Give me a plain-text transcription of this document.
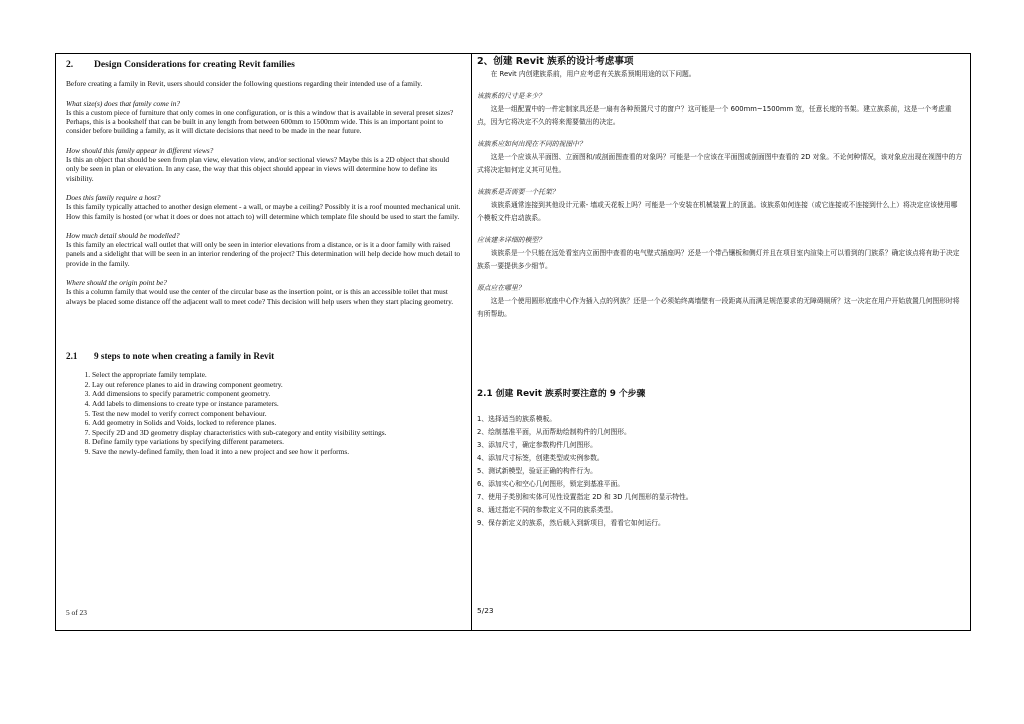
2.	Design Considerations for creating Revit families

Before creating a family in Revit, users should consider the following questions regarding their intended use of a family.

What size(s) does that family come in?

Is this a custom piece of furniture that only comes in one configuration, or is this a window that is available in several preset sizes? Perhaps, this is a bookshelf that can be built in any length from between 600mm to 1500mm wide. This is an important point to consider before building a family, as it will dictate decisions that need to be made in the near future.

How should this family appear in different views?

Is this an object that should be seen from plan view, elevation view, and/or sectional views? Maybe this is a 2D object that should only be seen in plan or elevation. In any case, the way that this object should appear in views will determine how to define its visibility.

Does this family require a host?

Is this family typically attached to another design element - a wall, or maybe a ceiling? Possibly it is a roof mounted mechanical unit. How this family is hosted (or what it does or does not attach to) will determine which template file should be used to start the family.

How much detail should be modelled?

Is this family an electrical wall outlet that will only be seen in interior elevations from a distance, or is it a door family with raised panels and a sidelight that will be seen in an interior rendering of the project? This determination will help decide how much detail to provide in the family.

Where should the origin point be?

Is this a column family that would use the center of the circular base as the insertion point, or is this an accessible toilet that must always be placed some distance off the adjacent wall to meet code? This decision will help users when they start placing geometry.

2.1	9 steps to note when creating a family in Revit
1. Select the appropriate family template.
2. Lay out reference planes to aid in drawing component geometry.
3. Add dimensions to specify parametric component geometry.
4. Add labels to dimensions to create type or instance parameters.
5. Test the new model to verify correct component behaviour.
6. Add geometry in Solids and Voids, locked to reference planes.
7. Specify 2D and 3D geometry display characteristics with sub-category and entity visibility settings.
8. Define family type variations by specifying different parameters.
9. Save the newly-defined family, then load it into a new project and see how it performs.
5 of 23
2、创建 Revit 族系的设计考虑事项

在 Revit 内创建族系前，用户应考虑有关族系预期用途的以下问题。

该族系的尺寸是多少？

这是一组配置中的一件定制家具还是一扇有各种预置尺寸的窗户？这可能是一个 600mm~1500mm 宽，任意长度的书架。建立族系前，这是一个考虑重点，因为它将决定不久的将来需要做出的决定。

该族系应如何出现在不同的视图中？

这是一个应该从平面图、立面图和/或剖面图查看的对象吗？可能是一个应该在平面图或剖面图中查看的 2D 对象。不论何种情况，该对象应出现在视图中的方式将决定如何定义其可见性。

该族系是否需要一个托架？

该族系通常连接到其他设计元素- 墙或天花板上吗？可能是一个安装在机械装置上的顶盖。该族系如何连接（或它连接或不连接到什么上）将决定应该使用哪个模板文件启动族系。

应该建多详细的模型？

该族系是一个只能在远处看室内立面图中查看的电气壁式插座吗？还是一个带凸镶板和侧灯并且在项目室内渲染上可以看到的门族系？确定该点将有助于决定族系一要提供多少细节。

原点应在哪里？

这是一个使用圆形底座中心作为插入点的列族？还是一个必须始终离墙壁有一段距离从而满足规范要求的无障碍厕所？这一决定在用户开始放置几何图形时将有所帮助。

2.1 创建 Revit 族系时要注意的 9 个步骤
1、选择适当的族系模板。
2、绘制基准平面，从而帮助绘制构件的几何图形。
3、添加尺寸，确定参数构件几何图形。
4、添加尺寸标签，创建类型或实例参数。
5、测试新模型，验证正确的构件行为。
6、添加实心和空心几何图形，锁定到基准平面。
7、使用子类别和实体可见性设置指定 2D 和 3D 几何图形的显示特性。
8、通过指定不同的参数定义不同的族系类型。
9、保存新定义的族系，然后载入到新项目，看看它如何运行。
5/23
